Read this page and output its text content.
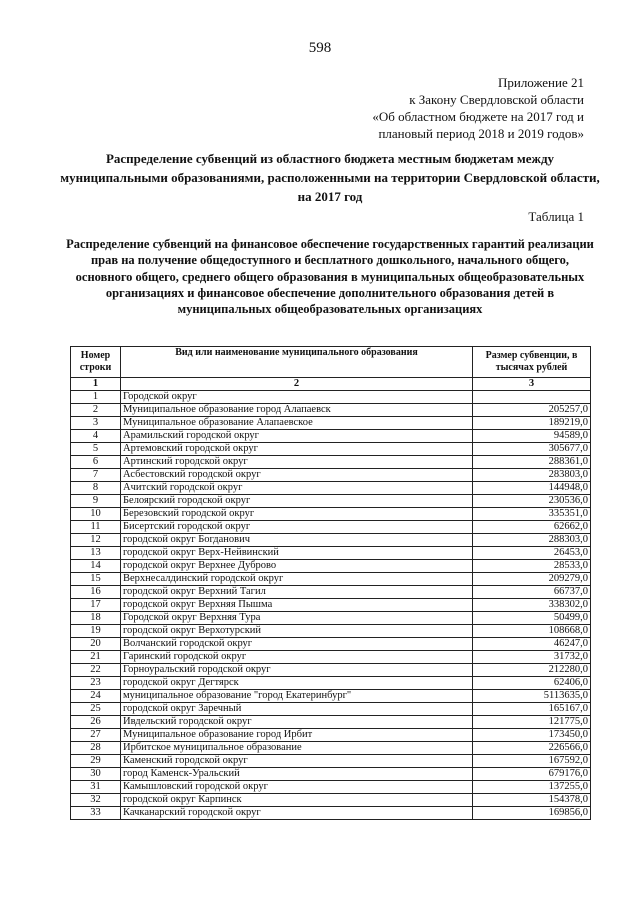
598
Приложение 21
к Закону Свердловской области
«Об областном бюджете на 2017 год и
плановый период 2018 и 2019 годов»
Распределение субвенций из областного бюджета местным бюджетам между муниципальными образованиями, расположенными на территории Свердловской области, на 2017 год
Таблица 1
Распределение субвенций на финансовое обеспечение государственных гарантий реализации прав на получение общедоступного и бесплатного дошкольного, начального общего, основного общего, среднего общего образования в муниципальных общеобразовательных организациях и финансовое обеспечение дополнительного образования детей в муниципальных общеобразовательных организациях
Номер строки	Вид или наименование муниципального образования	Размер субвенции, в тысячах рублей
1	2	3
1	Городской округ	
2	Муниципальное образование город Алапаевск	205257,0
3	Муниципальное образование Алапаевское	189219,0
4	Арамильский городской округ	94589,0
5	Артемовский городской округ	305677,0
6	Артинский городской округ	288361,0
7	Асбестовский городской округ	283803,0
8	Ачитский городской округ	144948,0
9	Белоярский городской округ	230536,0
10	Березовский городской округ	335351,0
11	Бисертский городской округ	62662,0
12	городской округ Богданович	288303,0
13	городской округ Верх-Нейвинский	26453,0
14	городской округ Верхнее Дуброво	28533,0
15	Верхнесалдинский городской округ	209279,0
16	городской округ Верхний Тагил	66737,0
17	городской округ Верхняя Пышма	338302,0
18	Городской округ Верхняя Тура	50499,0
19	городской округ Верхотурский	108668,0
20	Волчанский городской округ	46247,0
21	Гаринский городской округ	31732,0
22	Горноуральский городской округ	212280,0
23	городской округ Дегтярск	62406,0
24	муниципальное образование "город Екатеринбург"	5113635,0
25	городской округ Заречный	165167,0
26	Ивдельский городской округ	121775,0
27	Муниципальное образование город Ирбит	173450,0
28	Ирбитское муниципальное образование	226566,0
29	Каменский городской округ	167592,0
30	город Каменск-Уральский	679176,0
31	Камышловский городской округ	137255,0
32	городской округ Карпинск	154378,0
33	Качканарский городской округ	169856,0
